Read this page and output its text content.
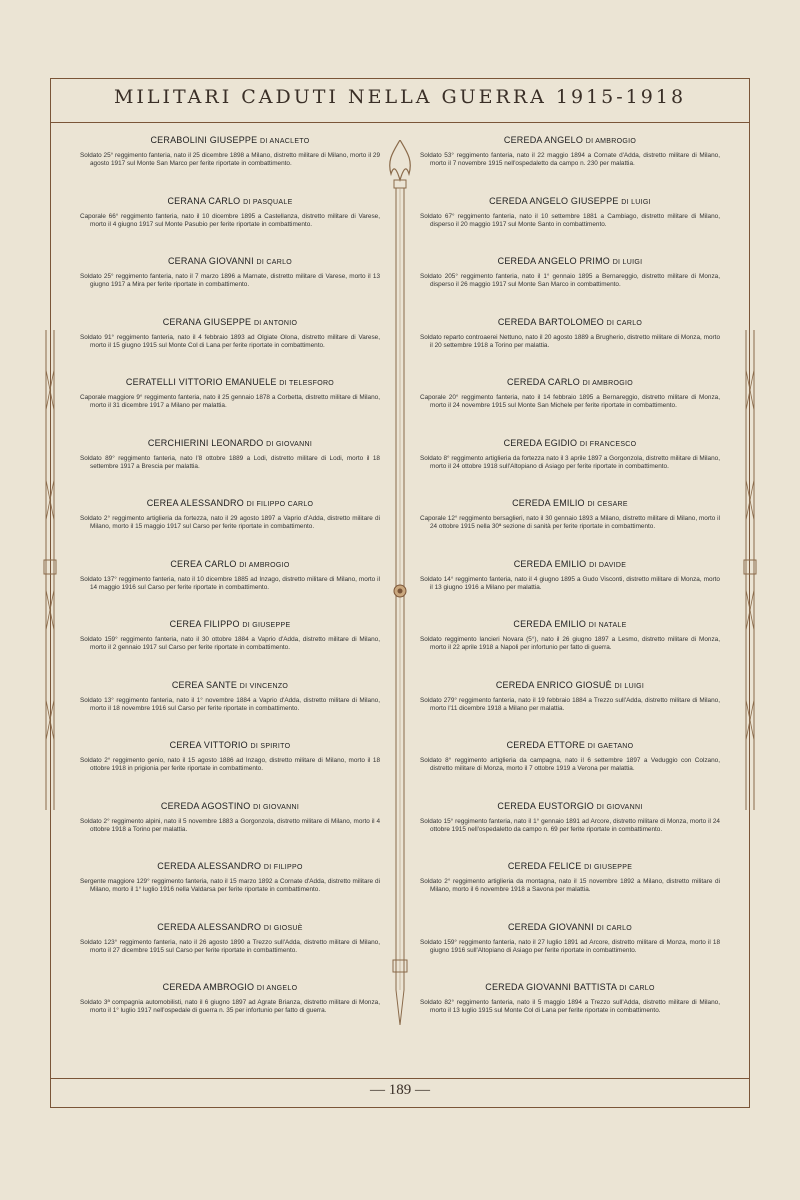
MILITARI CADUTI NELLA GUERRA 1915-1918
CERABOLINI GIUSEPPE DI ANACLETO

Soldato 25° reggimento fanteria, nato il 25 dicembre 1898 a Milano, distretto militare di Milano, morto il 29 agosto 1917 sul Monte San Marco per ferite riportate in combattimento.

CERANA CARLO DI PASQUALE

Caporale 66° reggimento fanteria, nato il 10 dicembre 1895 a Castellanza, distretto militare di Varese, morto il 4 giugno 1917 sul Monte Pasubio per ferite riportate in combattimento.

CERANA GIOVANNI DI CARLO

Soldato 25° reggimento fanteria, nato il 7 marzo 1896 a Marnate, distretto militare di Varese, morto il 13 giugno 1917 a Mira per ferite riportate in combattimento.

CERANA GIUSEPPE DI ANTONIO

Soldato 91° reggimento fanteria, nato il 4 febbraio 1893 ad Olgiate Olona, distretto militare di Varese, morto il 15 giugno 1915 sul Monte Col di Lana per ferite riportate in combattimento.

CERATELLI VITTORIO EMANUELE DI TELESFORO

Caporale maggiore 9° reggimento fanteria, nato il 25 gennaio 1878 a Corbetta, distretto militare di Milano, morto il 31 dicembre 1917 a Milano per malattia.

CERCHIERINI LEONARDO DI GIOVANNI

Soldato 89° reggimento fanteria, nato l'8 ottobre 1889 a Lodi, distretto militare di Lodi, morto il 18 settembre 1917 a Brescia per malattia.

CEREA ALESSANDRO DI FILIPPO CARLO

Soldato 2° reggimento artiglieria da fortezza, nato il 29 agosto 1897 a Vaprio d'Adda, distretto militare di Milano, morto il 15 maggio 1917 sul Carso per ferite riportate in combattimento.

CEREA CARLO DI AMBROGIO

Soldato 137° reggimento fanteria, nato il 10 dicembre 1885 ad Inzago, distretto militare di Milano, morto il 14 maggio 1916 sul Carso per ferite riportate in combattimento.

CEREA FILIPPO DI GIUSEPPE

Soldato 159° reggimento fanteria, nato il 30 ottobre 1884 a Vaprio d'Adda, distretto militare di Milano, morto il 2 gennaio 1917 sul Carso per ferite riportate in combattimento.

CEREA SANTE DI VINCENZO

Soldato 13° reggimento fanteria, nato il 1° novembre 1884 a Vaprio d'Adda, distretto militare di Milano, morto il 18 novembre 1916 sul Carso per ferite riportate in combattimento.

CEREA VITTORIO DI SPIRITO

Soldato 2° reggimento genio, nato il 15 agosto 1886 ad Inzago, distretto militare di Milano, morto il 18 ottobre 1918 in prigionia per ferite riportate in combattimento.

CEREDA AGOSTINO DI GIOVANNI

Soldato 2° reggimento alpini, nato il 5 novembre 1883 a Gorgonzola, distretto militare di Milano, morto il 4 ottobre 1918 a Torino per malattia.

CEREDA ALESSANDRO DI FILIPPO

Sergente maggiore 129° reggimento fanteria, nato il 15 marzo 1892 a Cornate d'Adda, distretto militare di Milano, morto il 1° luglio 1916 nella Valdarsa per ferite riportate in combattimento.

CEREDA ALESSANDRO DI GIOSUÈ

Soldato 123° reggimento fanteria, nato il 26 agosto 1890 a Trezzo sull'Adda, distretto militare di Milano, morto il 27 dicembre 1915 sul Carso per ferite riportate in combattimento.

CEREDA AMBROGIO DI ANGELO

Soldato 3ª compagnia automobilisti, nato il 6 giugno 1897 ad Agrate Brianza, distretto militare di Monza, morto il 1° luglio 1917 nell'ospedale di guerra n. 35 per infortunio per fatto di guerra.

CEREDA ANGELO DI AMBROGIO

Soldato 53° reggimento fanteria, nato il 22 maggio 1894 a Cornate d'Adda, distretto militare di Milano, morto il 7 novembre 1915 nell'ospedaletto da campo n. 230 per malattia.

CEREDA ANGELO GIUSEPPE DI LUIGI

Soldato 67° reggimento fanteria, nato il 10 settembre 1881 a Cambiago, distretto militare di Milano, disperso il 20 maggio 1917 sul Monte Santo in combattimento.

CEREDA ANGELO PRIMO DI LUIGI

Soldato 205° reggimento fanteria, nato il 1° gennaio 1895 a Bernareggio, distretto militare di Monza, disperso il 26 maggio 1917 sul Monte San Marco in combattimento.

CEREDA BARTOLOMEO DI CARLO

Soldato reparto controaerei Nettuno, nato il 20 agosto 1889 a Brugherio, distretto militare di Monza, morto il 20 settembre 1918 a Torino per malattia.

CEREDA CARLO DI AMBROGIO

Caporale 20° reggimento fanteria, nato il 14 febbraio 1895 a Bernareggio, distretto militare di Monza, morto il 24 novembre 1915 sul Monte San Michele per ferite riportate in combattimento.

CEREDA EGIDIO DI FRANCESCO

Soldato 8° reggimento artiglieria da fortezza nato il 3 aprile 1897 a Gorgonzola, distretto militare di Milano, morto il 24 ottobre 1918 sull'Altopiano di Asiago per ferite riportate in combattimento.

CEREDA EMILIO DI CESARE

Caporale 12° reggimento bersaglieri, nato il 30 gennaio 1893 a Milano, distretto militare di Milano, morto il 24 ottobre 1915 nella 30ª sezione di sanità per ferite riportate in combattimento.

CEREDA EMILIO DI DAVIDE

Soldato 14° reggimento fanteria, nato il 4 giugno 1895 a Gudo Visconti, distretto militare di Monza, morto il 13 giugno 1916 a Milano per malattia.

CEREDA EMILIO DI NATALE

Soldato reggimento lancieri Novara (5°), nato il 26 giugno 1897 a Lesmo, distretto militare di Monza, morto il 22 aprile 1918 a Napoli per infortunio per fatto di guerra.

CEREDA ENRICO GIOSUÈ DI LUIGI

Soldato 279° reggimento fanteria, nato il 19 febbraio 1884 a Trezzo sull'Adda, distretto militare di Milano, morto l'11 dicembre 1918 a Milano per malattia.

CEREDA ETTORE DI GAETANO

Soldato 8° reggimento artiglieria da campagna, nato il 6 settembre 1897 a Veduggio con Colzano, distretto militare di Monza, morto il 7 ottobre 1919 a Verona per malattia.

CEREDA EUSTORGIO DI GIOVANNI

Soldato 15° reggimento fanteria, nato il 1° gennaio 1891 ad Arcore, distretto militare di Monza, morto il 24 ottobre 1915 nell'ospedaletto da campo n. 69 per ferite riportate in combattimento.

CEREDA FELICE DI GIUSEPPE

Soldato 2° reggimento artiglieria da montagna, nato il 15 novembre 1892 a Milano, distretto militare di Milano, morto il 6 novembre 1918 a Savona per malattia.

CEREDA GIOVANNI DI CARLO

Soldato 159° reggimento fanteria, nato il 27 luglio 1891 ad Arcore, distretto militare di Monza, morto il 18 giugno 1916 sull'Altopiano di Asiago per ferite riportate in combattimento.

CEREDA GIOVANNI BATTISTA DI CARLO

Soldato 82° reggimento fanteria, nato il 5 maggio 1894 a Trezzo sull'Adda, distretto militare di Milano, morto il 13 luglio 1915 sul Monte Col di Lana per ferite riportate in combattimento.

— 189 —
